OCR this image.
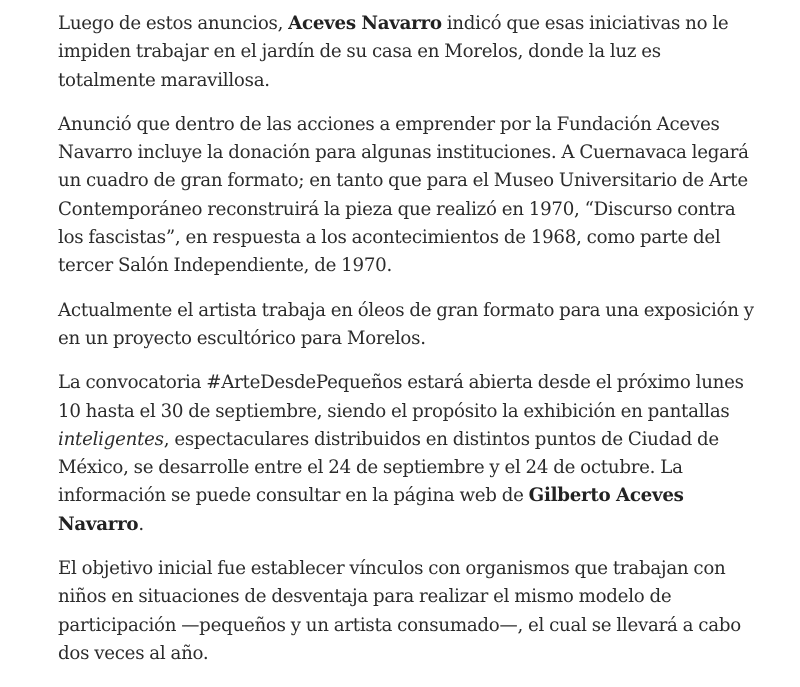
Luego de estos anuncios, Aceves Navarro indicó que esas iniciativas no le impiden trabajar en el jardín de su casa en Morelos, donde la luz es totalmente maravillosa.

Anunció que dentro de las acciones a emprender por la Fundación Aceves Navarro incluye la donación para algunas instituciones. A Cuernavaca legará un cuadro de gran formato; en tanto que para el Museo Universitario de Arte Contemporáneo reconstruirá la pieza que realizó en 1970, “Discurso contra los fascistas”, en respuesta a los acontecimientos de 1968, como parte del tercer Salón Independiente, de 1970.

Actualmente el artista trabaja en óleos de gran formato para una exposición y en un proyecto escultórico para Morelos.

La convocatoria #ArteDesdePequeños estará abierta desde el próximo lunes 10 hasta el 30 de septiembre, siendo el propósito la exhibición en pantallas inteligentes, espectaculares distribuidos en distintos puntos de Ciudad de México, se desarrolle entre el 24 de septiembre y el 24 de octubre. La información se puede consultar en la página web de Gilberto Aceves Navarro.

El objetivo inicial fue establecer vínculos con organismos que trabajan con niños en situaciones de desventaja para realizar el mismo modelo de participación —pequeños y un artista consumado—, el cual se llevará a cabo dos veces al año.
